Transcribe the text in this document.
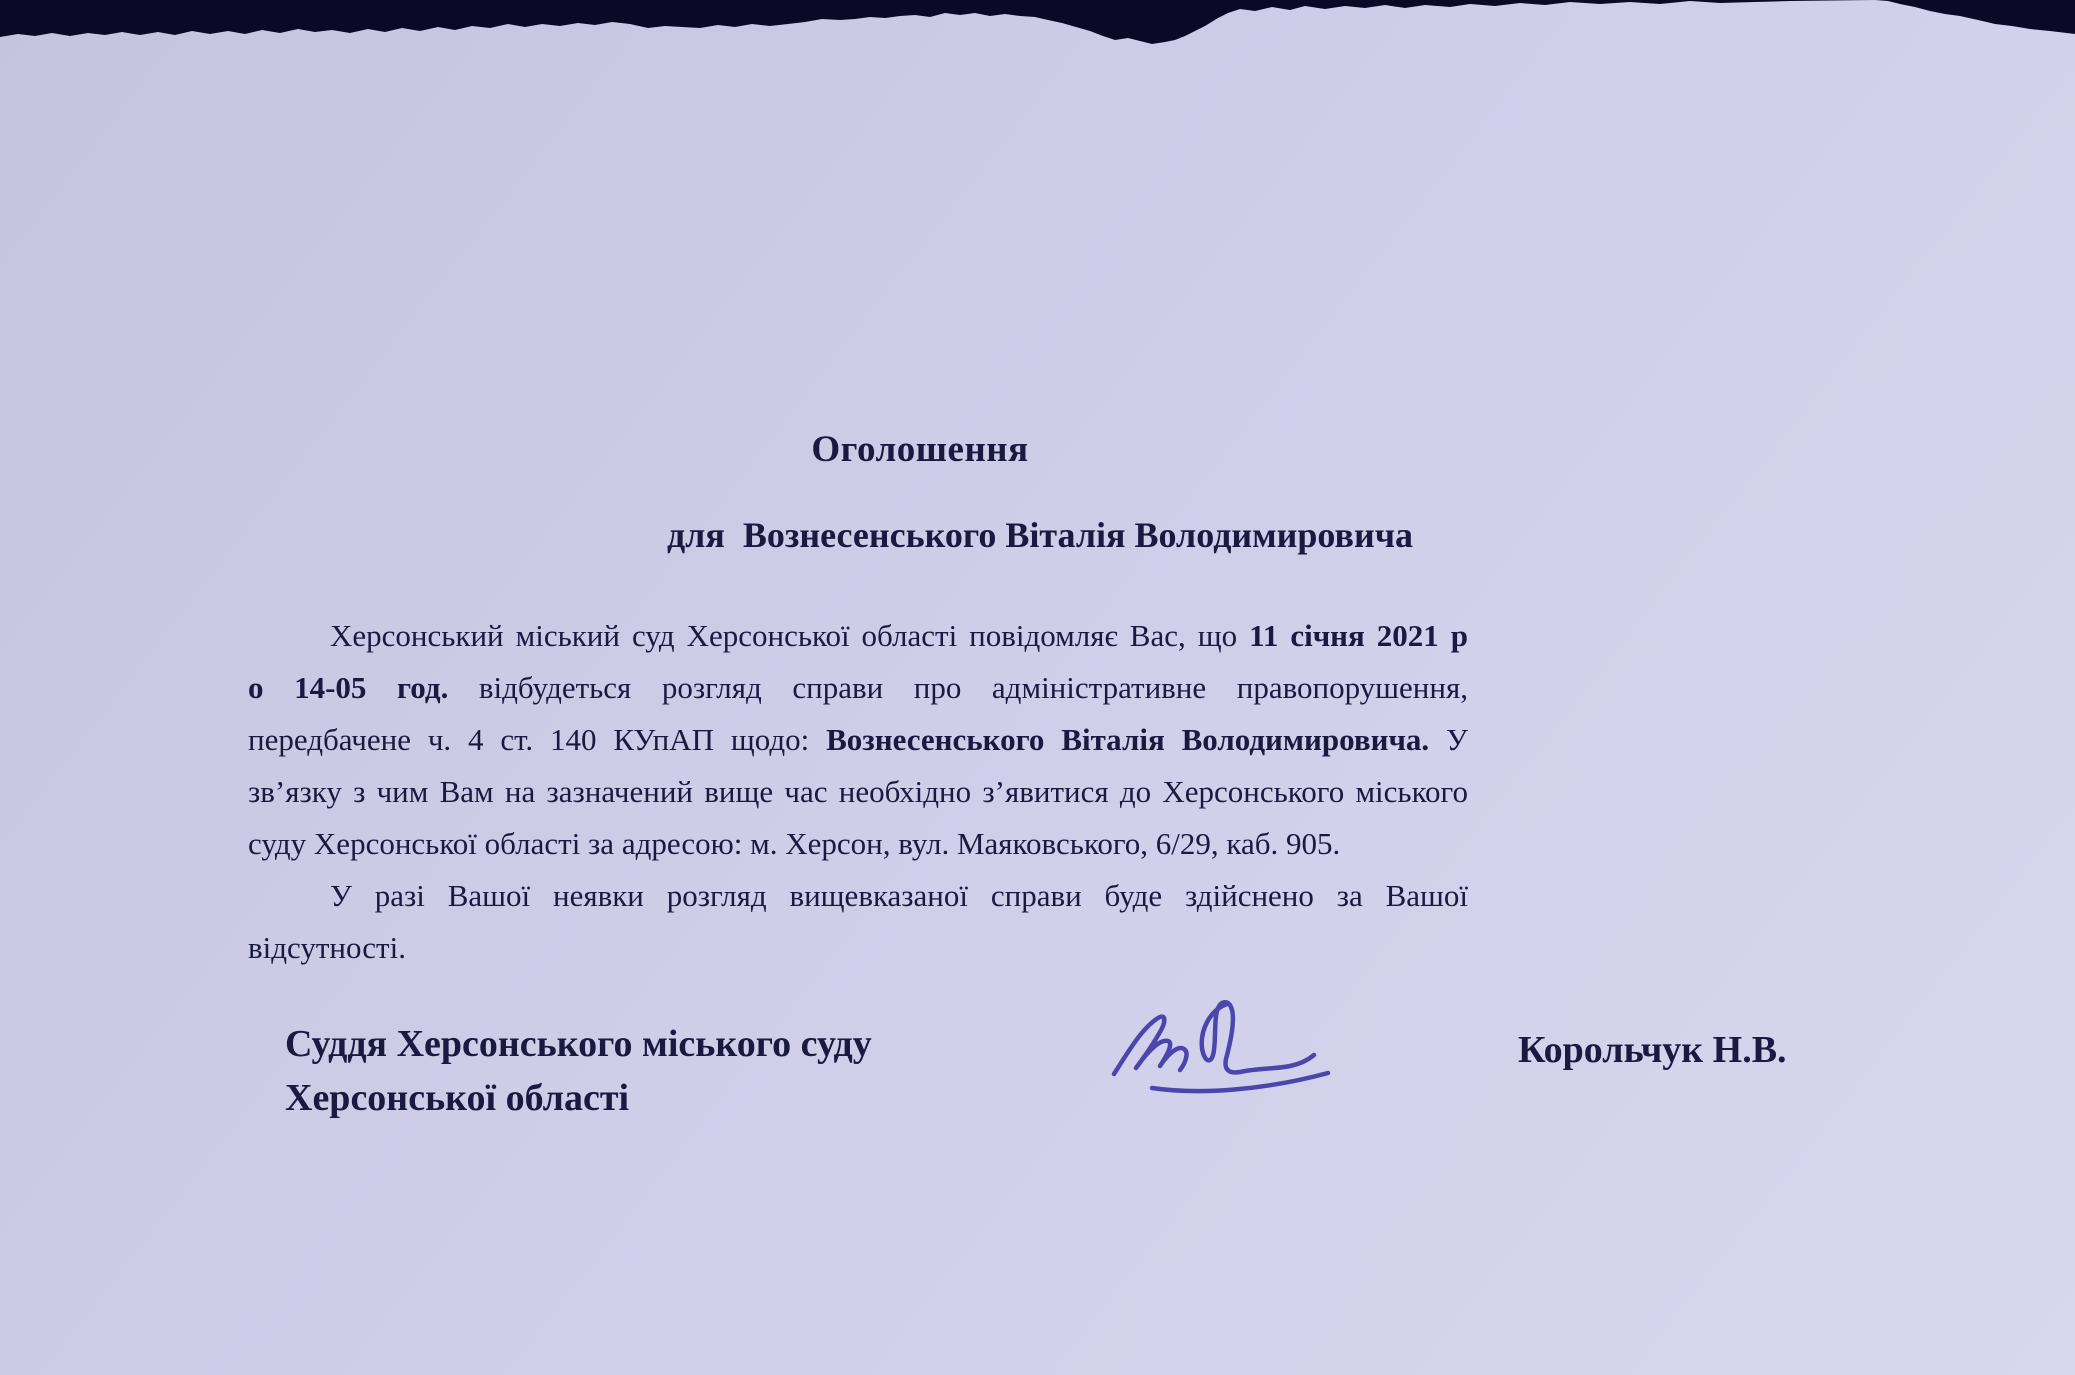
Оголошення
для  Вознесенського Віталія Володимировича
Херсонський міський суд Херсонської області повідомляє Вас, що 11 січня 2021 р
о 14-05 год. відбудеться розгляд справи про адміністративне правопорушення,
передбачене ч. 4 ст. 140 КУпАП щодо: Вознесенського Віталія Володимировича. У
зв’язку з чим Вам на зазначений вище час необхідно з’явитися до Херсонського міського
суду Херсонської області за адресою: м. Херсон, вул. Маяковського, 6/29, каб. 905.
У разі Вашої неявки розгляд вищевказаної справи буде здійснено за Вашої
відсутності.
Суддя Херсонського міського суду
Херсонської області
Корольчук Н.В.
